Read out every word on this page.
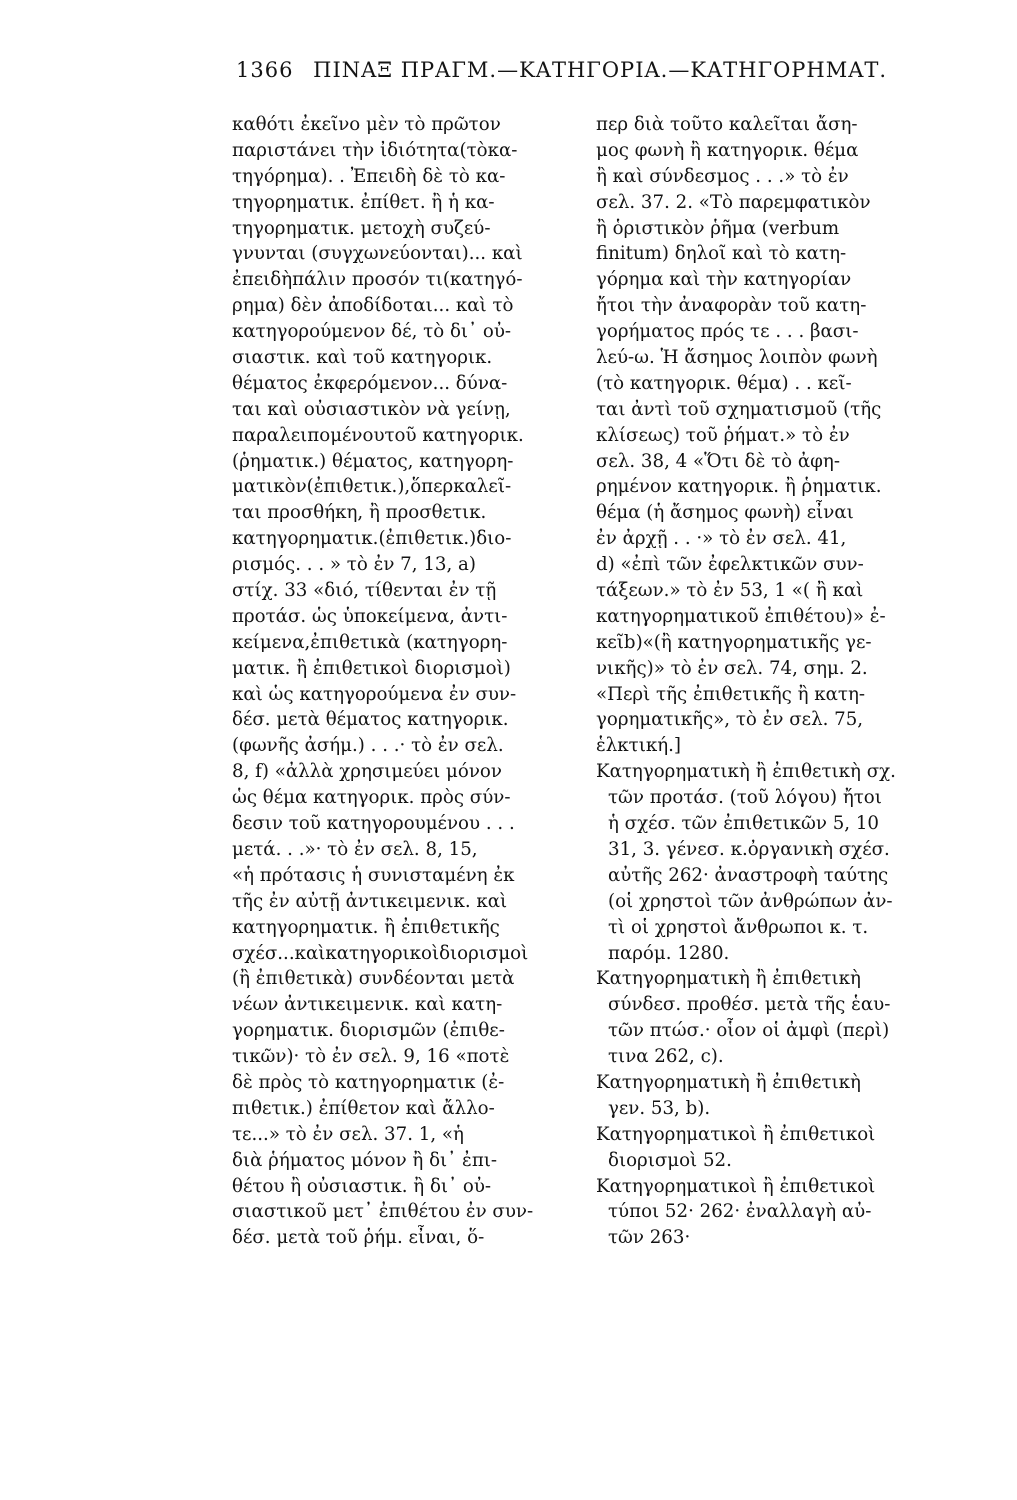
1366 ΠΙΝΑΞ ΠΡΑΓΜ.—ΚΑΤΗΓΟΡΙΑ.—ΚΑΤΗΓΟΡΗΜΑΤ.
καθότι ἐκεῖνο μὲν τὸ πρῶτον
παριστάνει τὴν ἰδιότητα(τὸκα-
τηγόρημα). . Ἐπειδὴ δὲ τὸ κα-
τηγορηματικ. ἐπίθετ. ἢ ἡ κα-
τηγορηματικ. μετοχὴ συζεύ-
γνυνται (συγχωνεύονται)... καὶ
ἐπειδὴπάλιν προσόν τι(κατηγό-
ρημα) δὲν ἀποδίδοται... καὶ τὸ
κατηγορούμενον δέ, τὸ δι᾽ οὐ-
σιαστικ. καὶ τοῦ κατηγορικ.
θέματος ἐκφερόμενον... δύνα-
ται καὶ οὐσιαστικὸν νὰ γείνῃ,
παραλειπομένουτοῦ κατηγορικ.
(ῥηματικ.) θέματος, κατηγορη-
ματικὸν(ἐπιθετικ.),ὅπερκαλεῖ-
ται προσθήκη, ἢ προσθετικ.
κατηγορηματικ.(ἐπιθετικ.)διο-
ρισμός. . . » τὸ ἐν 7, 13, a)
στίχ. 33 «διό, τίθενται ἐν τῇ
προτάσ. ὡς ὑποκείμενα, ἀντι-
κείμενα,ἐπιθετικὰ (κατηγορη-
ματικ. ἢ ἐπιθετικοὶ διορισμοὶ)
καὶ ὡς κατηγορούμενα ἐν συν-
δέσ. μετὰ θέματος κατηγορικ.
(φωνῆς ἀσήμ.) . . .· τὸ ἐν σελ.
8, f) «ἀλλὰ χρησιμεύει μόνον
ὡς θέμα κατηγορικ. πρὸς σύν-
δεσιν τοῦ κατηγορουμένου . . .
μετά. . .»· τὸ ἐν σελ. 8, 15,
«ἡ πρότασις ἡ συνισταμένη ἐκ
τῆς ἐν αὐτῇ ἀντικειμενικ. καὶ
κατηγορηματικ. ἢ ἐπιθετικῆς
σχέσ...καὶκατηγορικοὶδιορισμοὶ
(ἢ ἐπιθετικὰ) συνδέονται μετὰ
νέων ἀντικειμενικ. καὶ κατη-
γορηματικ. διορισμῶν (ἐπιθε-
τικῶν)· τὸ ἐν σελ. 9, 16 «ποτὲ
δὲ πρὸς τὸ κατηγορηματικ (ἐ-
πιθετικ.) ἐπίθετον καὶ ἄλλο-
τε...» τὸ ἐν σελ. 37. 1, «ἡ
διὰ ῥήματος μόνον ἢ δι᾽ ἐπι-
θέτου ἢ οὐσιαστικ. ἢ δι᾽ οὐ-
σιαστικοῦ μετ᾽ ἐπιθέτου ἐν συν-
δέσ. μετὰ τοῦ ῥήμ. εἶναι, ὅ-
περ διὰ τοῦτο καλεῖται ἄση-
μος φωνὴ ἢ κατηγορικ. θέμα
ἢ καὶ σύνδεσμος . . .» τὸ ἐν
σελ. 37. 2. «Τὸ παρεμφατικὸν
ἢ ὁριστικὸν ῥῆμα (verbum
finitum) δηλοῖ καὶ τὸ κατη-
γόρημα καὶ τὴν κατηγορίαν
ἤτοι τὴν ἀναφορὰν τοῦ κατη-
γορήματος πρός τε . . . βασι-
λεύ-ω. Ἡ ἄσημος λοιπὸν φωνὴ
(τὸ κατηγορικ. θέμα) . . κεῖ-
ται ἀντὶ τοῦ σχηματισμοῦ (τῆς
κλίσεως) τοῦ ῥήματ.» τὸ ἐν
σελ. 38, 4 «Ὅτι δὲ τὸ ἀφη-
ρημένον κατηγορικ. ἢ ῥηματικ.
θέμα (ἡ ἄσημος φωνὴ) εἶναι
ἐν ἀρχῇ . . ·» τὸ ἐν σελ. 41,
d) «ἐπὶ τῶν ἐφελκτικῶν συν-
τάξεων.» τὸ ἐν 53, 1 «( ἢ καὶ
κατηγορηματικοῦ ἐπιθέτου)» ἐ-
κεῖb)«(ἢ κατηγορηματικῆς γε-
νικῆς)» τὸ ἐν σελ. 74, σημ. 2.
«Περὶ τῆς ἐπιθετικῆς ἢ κατη-
γορηματικῆς», τὸ ἐν σελ. 75,
ἑλκτική.]
Κατηγορηματικὴ ἢ ἐπιθετικὴ σχ.
τῶν προτάσ. (τοῦ λόγου) ἤτοι
ἡ σχέσ. τῶν ἐπιθετικῶν 5, 10
31, 3. γένεσ. κ.ὀργανικὴ σχέσ.
αὐτῆς 262· ἀναστροφὴ ταύτης
(οἱ χρηστοὶ τῶν ἀνθρώπων ἀν-
τὶ οἱ χρηστοὶ ἄνθρωποι κ. τ.
παρόμ. 1280.
Κατηγορηματικὴ ἢ ἐπιθετικὴ
σύνδεσ. προθέσ. μετὰ τῆς ἑαυ-
τῶν πτώσ.· οἷον οἱ ἀμφὶ (περὶ)
τινα 262, c).
Κατηγορηματικὴ ἢ ἐπιθετικὴ
γεν. 53, b).
Κατηγορηματικοὶ ἢ ἐπιθετικοὶ
διορισμοὶ 52.
Κατηγορηματικοὶ ἢ ἐπιθετικοὶ
τύποι 52· 262· ἐναλλαγὴ αὐ-
τῶν 263·
